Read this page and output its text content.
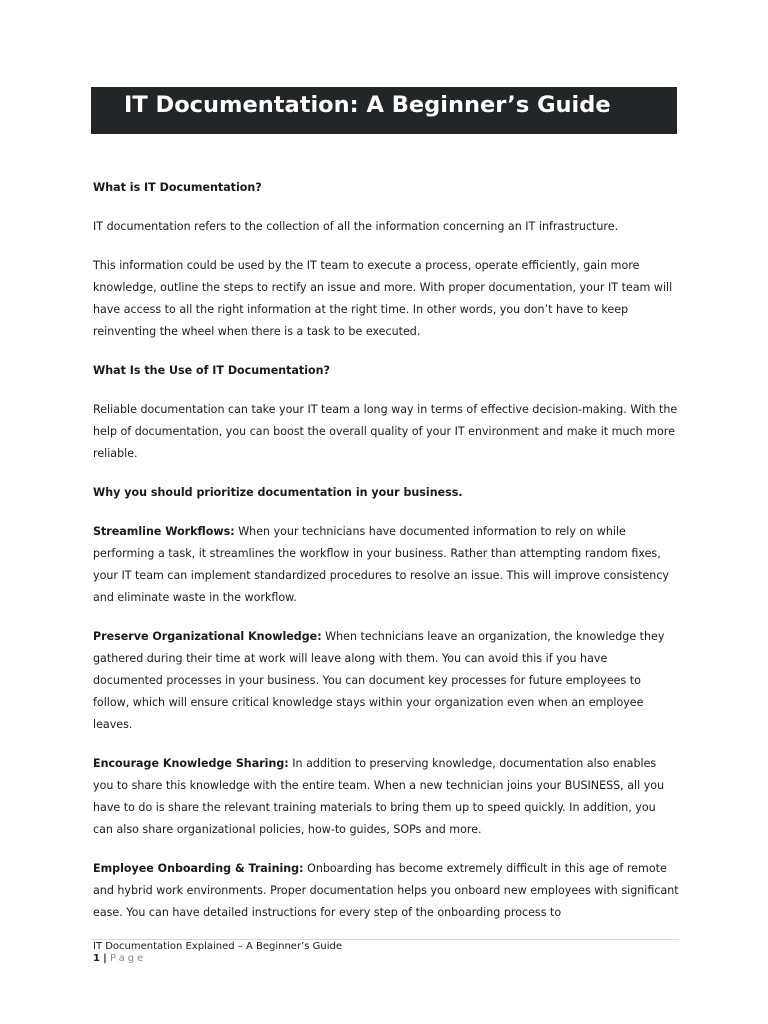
IT Documentation: A Beginner’s Guide

What is IT Documentation?

IT documentation refers to the collection of all the information concerning an IT infrastructure.

This information could be used by the IT team to execute a process, operate efficiently, gain more knowledge, outline the steps to rectify an issue and more. With proper documentation, your IT team will have access to all the right information at the right time. In other words, you don’t have to keep reinventing the wheel when there is a task to be executed.

What Is the Use of IT Documentation?

Reliable documentation can take your IT team a long way in terms of effective decision-making. With the help of documentation, you can boost the overall quality of your IT environment and make it much more reliable.

Why you should prioritize documentation in your business.

Streamline Workflows: When your technicians have documented information to rely on while performing a task, it streamlines the workflow in your business. Rather than attempting random fixes, your IT team can implement standardized procedures to resolve an issue. This will improve consistency and eliminate waste in the workflow.

Preserve Organizational Knowledge: When technicians leave an organization, the knowledge they gathered during their time at work will leave along with them. You can avoid this if you have documented processes in your business. You can document key processes for future employees to follow, which will ensure critical knowledge stays within your organization even when an employee leaves.

Encourage Knowledge Sharing: In addition to preserving knowledge, documentation also enables you to share this knowledge with the entire team. When a new technician joins your BUSINESS, all you have to do is share the relevant training materials to bring them up to speed quickly. In addition, you can also share organizational policies, how-to guides, SOPs and more.

Employee Onboarding & Training: Onboarding has become extremely difficult in this age of remote and hybrid work environments. Proper documentation helps you onboard new employees with significant ease. You can have detailed instructions for every step of the onboarding process to

IT Documentation Explained – A Beginner’s Guide
1 | Page
